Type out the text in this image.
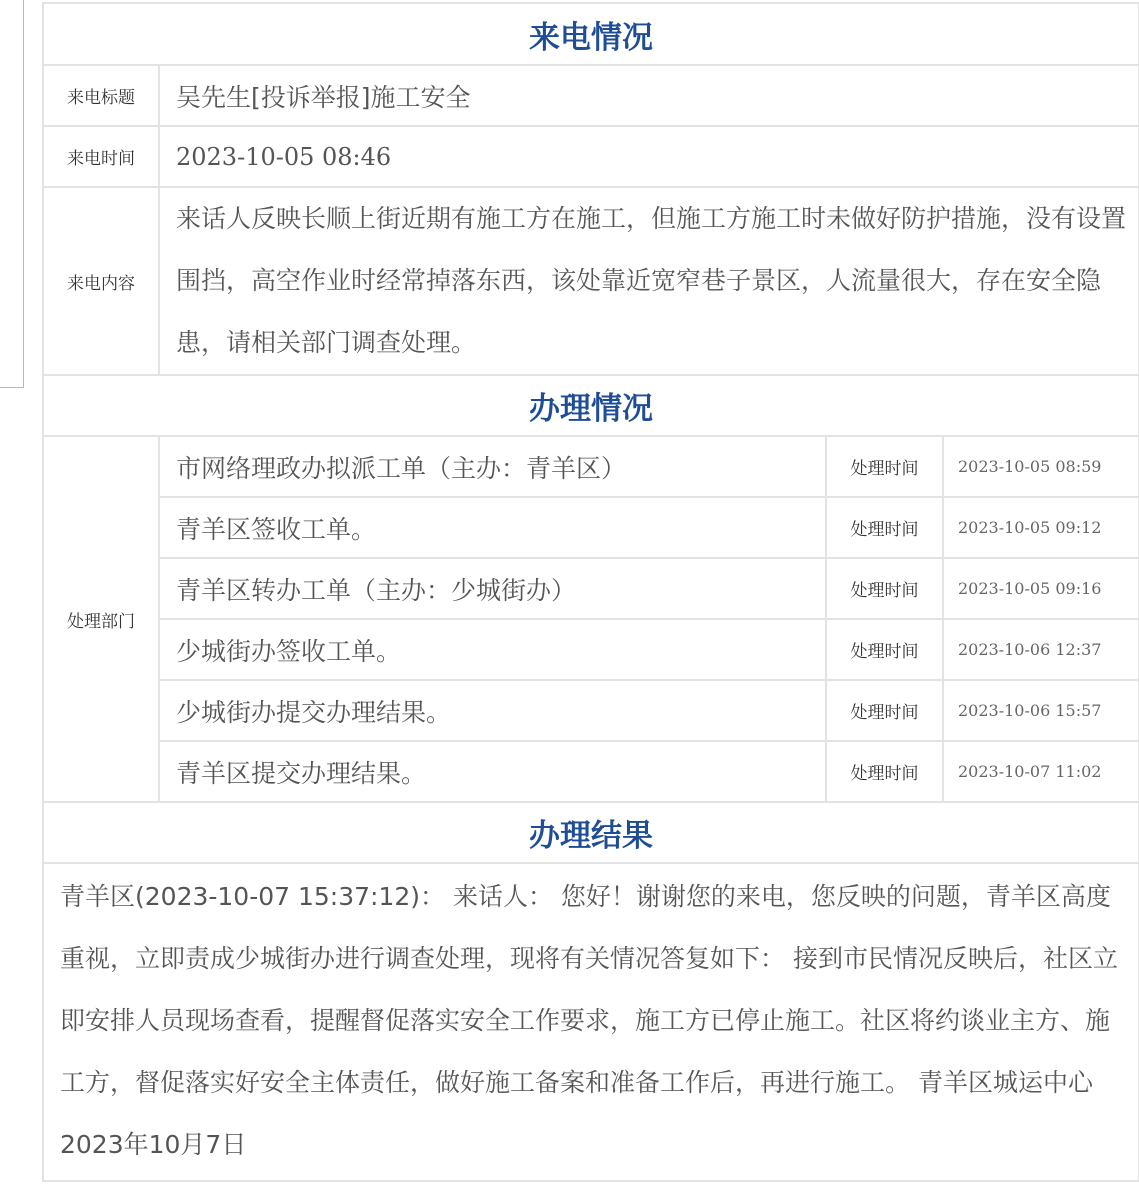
来电情况			
来电标题	吴先生[投诉举报]施工安全		
来电时间	2023-10-05 08:46		
来电内容	来话人反映长顺上街近期有施工方在施工，但施工方施工时未做好防护措施，没有设置围挡，高空作业时经常掉落东西，该处靠近宽窄巷子景区，人流量很大，存在安全隐患，请相关部门调查处理。		
办理情况			
处理部门	市网络理政办拟派工单（主办：青羊区）	处理时间	2023-10-05 08:59
	青羊区签收工单。	处理时间	2023-10-05 09:12
	青羊区转办工单（主办：少城街办）	处理时间	2023-10-05 09:16
	少城街办签收工单。	处理时间	2023-10-06 12:37
	少城街办提交办理结果。	处理时间	2023-10-06 15:57
	青羊区提交办理结果。	处理时间	2023-10-07 11:02
办理结果			
青羊区(2023-10-07 15:37:12)： 来话人： 您好！谢谢您的来电，您反映的问题，青羊区高度重视，立即责成少城街办进行调查处理，现将有关情况答复如下： 接到市民情况反映后，社区立即安排人员现场查看，提醒督促落实安全工作要求，施工方已停止施工。社区将约谈业主方、施工方，督促落实好安全主体责任，做好施工备案和准备工作后，再进行施工。 青羊区城运中心 2023年10月7日			
